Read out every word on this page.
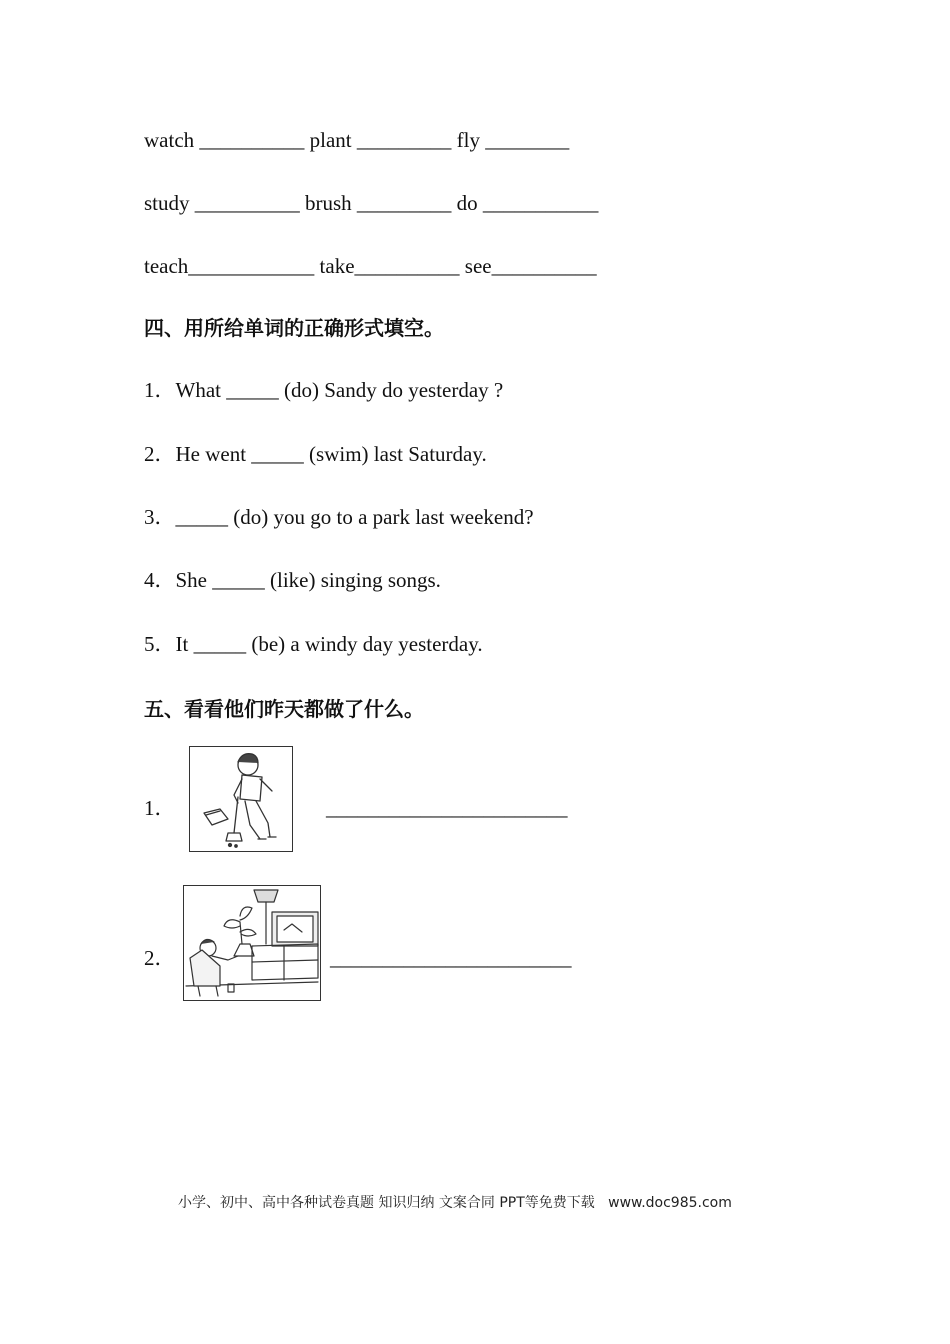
watch __________ plant _________ fly ________
study __________ brush _________ do ___________
teach____________ take__________ see__________
四、用所给单词的正确形式填空。
1．What _____ (do) Sandy do yesterday ?
2．He went _____ (swim) last Saturday.
3．_____ (do) you go to a park last weekend?
4．She _____ (like) singing songs.
5．It _____ (be) a windy day yesterday.
五、看看他们昨天都做了什么。
1．	_______________________
2．	_______________________
小学、初中、高中各种试卷真题 知识归纳 文案合同 PPT等免费下载   www.doc985.com
